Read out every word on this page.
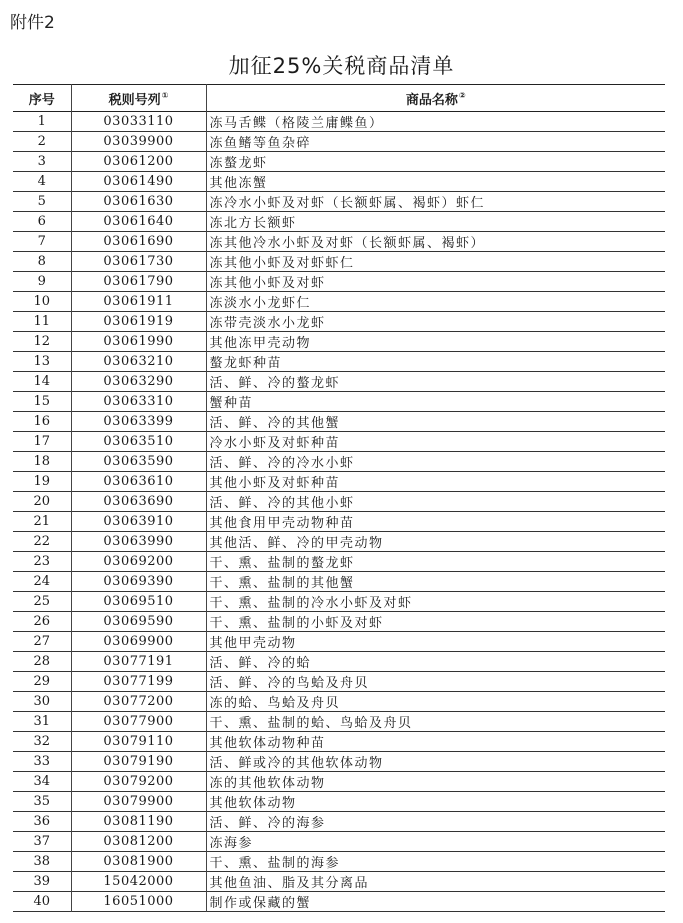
附件2
加征25%关税商品清单
序号	税则号列①	商品名称②
1	03033110	冻马舌鲽（格陵兰庸鲽鱼）
2	03039900	冻鱼鳍等鱼杂碎
3	03061200	冻螯龙虾
4	03061490	其他冻蟹
5	03061630	冻冷水小虾及对虾（长额虾属、褐虾）虾仁
6	03061640	冻北方长额虾
7	03061690	冻其他冷水小虾及对虾（长额虾属、褐虾）
8	03061730	冻其他小虾及对虾虾仁
9	03061790	冻其他小虾及对虾
10	03061911	冻淡水小龙虾仁
11	03061919	冻带壳淡水小龙虾
12	03061990	其他冻甲壳动物
13	03063210	螯龙虾种苗
14	03063290	活、鲜、冷的螯龙虾
15	03063310	蟹种苗
16	03063399	活、鲜、冷的其他蟹
17	03063510	冷水小虾及对虾种苗
18	03063590	活、鲜、冷的冷水小虾
19	03063610	其他小虾及对虾种苗
20	03063690	活、鲜、冷的其他小虾
21	03063910	其他食用甲壳动物种苗
22	03063990	其他活、鲜、冷的甲壳动物
23	03069200	干、熏、盐制的螯龙虾
24	03069390	干、熏、盐制的其他蟹
25	03069510	干、熏、盐制的冷水小虾及对虾
26	03069590	干、熏、盐制的小虾及对虾
27	03069900	其他甲壳动物
28	03077191	活、鲜、冷的蛤
29	03077199	活、鲜、冷的鸟蛤及舟贝
30	03077200	冻的蛤、鸟蛤及舟贝
31	03077900	干、熏、盐制的蛤、鸟蛤及舟贝
32	03079110	其他软体动物种苗
33	03079190	活、鲜或冷的其他软体动物
34	03079200	冻的其他软体动物
35	03079900	其他软体动物
36	03081190	活、鲜、冷的海参
37	03081200	冻海参
38	03081900	干、熏、盐制的海参
39	15042000	其他鱼油、脂及其分离品
40	16051000	制作或保藏的蟹
